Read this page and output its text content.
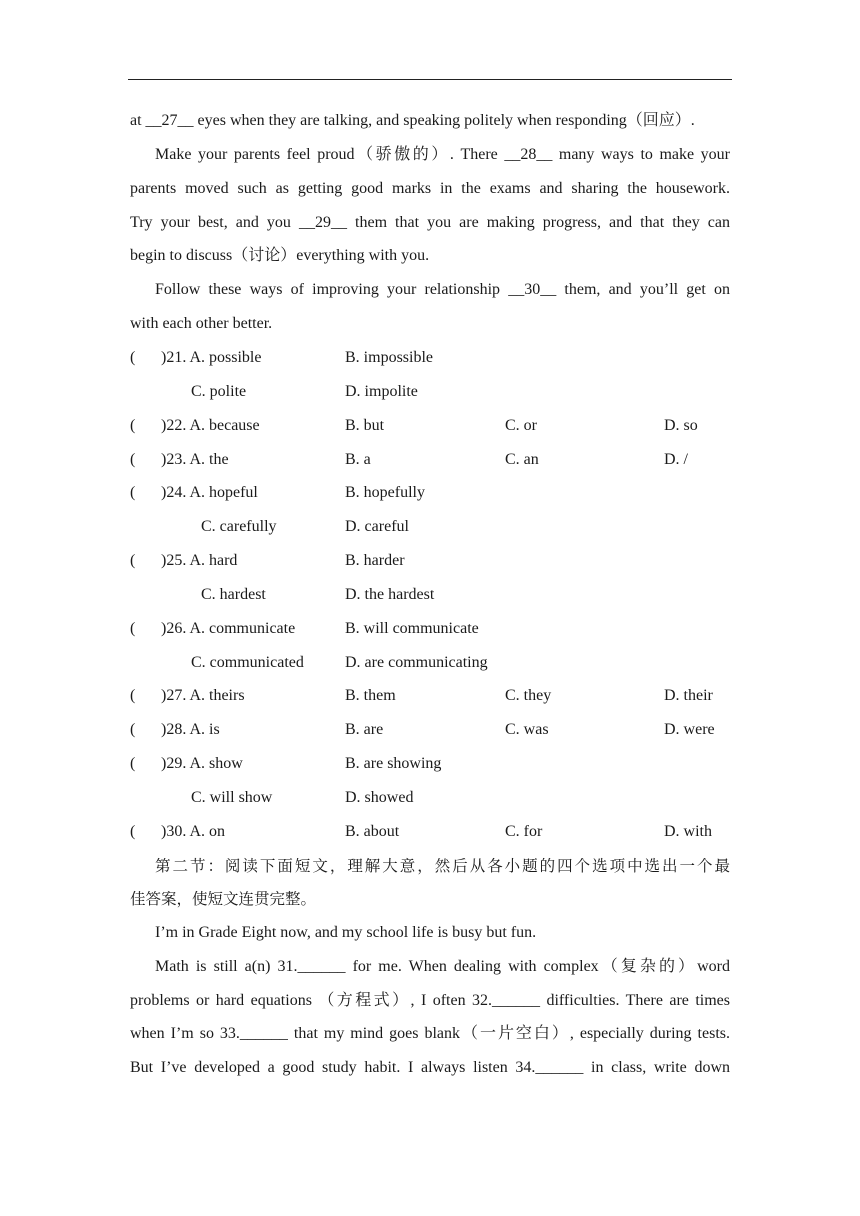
at __27__ eyes when they are talking, and speaking politely when responding（回应）.
Make your parents feel proud（骄傲的）. There __28__ many ways to make your
parents moved such as getting good marks in the exams and sharing the housework.
Try your best, and you __29__ them that you are making progress, and that they can
begin to discuss（讨论）everything with you.
Follow these ways of improving your relationship __30__ them, and you’ll get on
with each other better.
( )21. A. possible	B. impossible
C. polite	D. impolite
( )22. A. because	B. but	C. or	D. so
( )23. A. the	B. a	C. an	D. /
( )24. A. hopeful	B. hopefully
C. carefully	D. careful
( )25. A. hard	B. harder
C. hardest	D. the hardest
( )26. A. communicate	B. will communicate
C. communicated	D. are communicating
( )27. A. theirs	B. them	C. they	D. their
( )28. A. is	B. are	C. was	D. were
( )29. A. show	B. are showing
C. will show	D. showed
( )30. A. on	B. about	C. for	D. with
第二节：阅读下面短文，理解大意，然后从各小题的四个选项中选出一个最
佳答案，使短文连贯完整。
I’m in Grade Eight now, and my school life is busy but fun.
Math is still a(n) 31.______ for me. When dealing with complex（复杂的）word
problems or hard equations （方程式）, I often 32.______ difficulties. There are times
when I’m so 33.______ that my mind goes blank（一片空白）, especially during tests.
But I’ve developed a good study habit. I always listen 34.______ in class, write down
